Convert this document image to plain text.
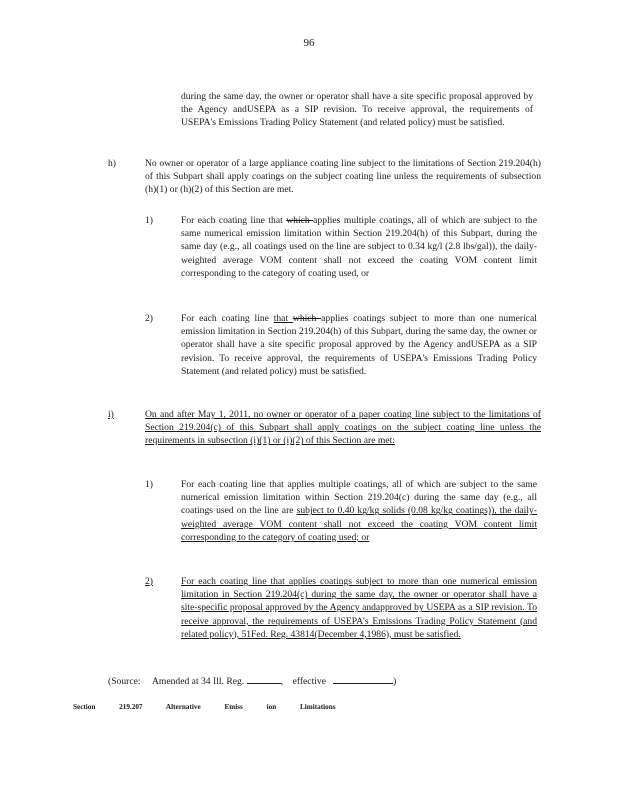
96
during the same day, the owner or operator shall have a site specific proposal approved by the Agency andUSEPA as a SIP revision. To receive approval, the requirements of USEPA's Emissions Trading Policy Statement (and related policy) must be satisfied.
h)	No owner or operator of a large appliance coating line subject to the limitations of Section 219.204(h) of this Subpart shall apply coatings on the subject coating line unless the requirements of subsection (h)(1) or (h)(2) of this Section are met.
1)	For each coating line that which applies multiple coatings, all of which are subject to the same numerical emission limitation within Section 219.204(h) of this Subpart, during the same day (e.g., all coatings used on the line are subject to 0.34 kg/l (2.8 lbs/gal)), the daily-weighted average VOM content shall not exceed the coating VOM content limit corresponding to the category of coating used, or
2)	For each coating line that which applies coatings subject to more than one numerical emission limitation in Section 219.204(h) of this Subpart, during the same day, the owner or operator shall have a site specific proposal approved by the Agency andUSEPA as a SIP revision. To receive approval, the requirements of USEPA's Emissions Trading Policy Statement (and related policy) must be satisfied.
i)	On and after May 1, 2011, no owner or operator of a paper coating line subject to the limitations of Section 219.204(c) of this Subpart shall apply coatings on the subject coating line unless the requirements in subsection (i)(1) or (i)(2) of this Section are met:
1)	For each coating line that applies multiple coatings, all of which are subject to the same numerical emission limitation within Section 219.204(c) during the same day (e.g., all coatings used on the line are subject to 0.40 kg/kg solids (0.08 kg/kg coatings)), the daily-weighted average VOM content shall not exceed the coating VOM content limit corresponding to the category of coating used; or
2)	For each coating line that applies coatings subject to more than one numerical emission limitation in Section 219.204(c) during the same day, the owner or operator shall have a site-specific proposal approved by the Agency andapproved by USEPA as a SIP revision. To receive approval, the requirements of USEPA's Emissions Trading Policy Statement (and related policy), 51Fed. Reg. 43814(December 4,1986), must be satisfied.
(Source: Amended at 34 Ill. Reg.	, effective	)
Section	219.207	Alternative	Emiss	ion	Limitations
